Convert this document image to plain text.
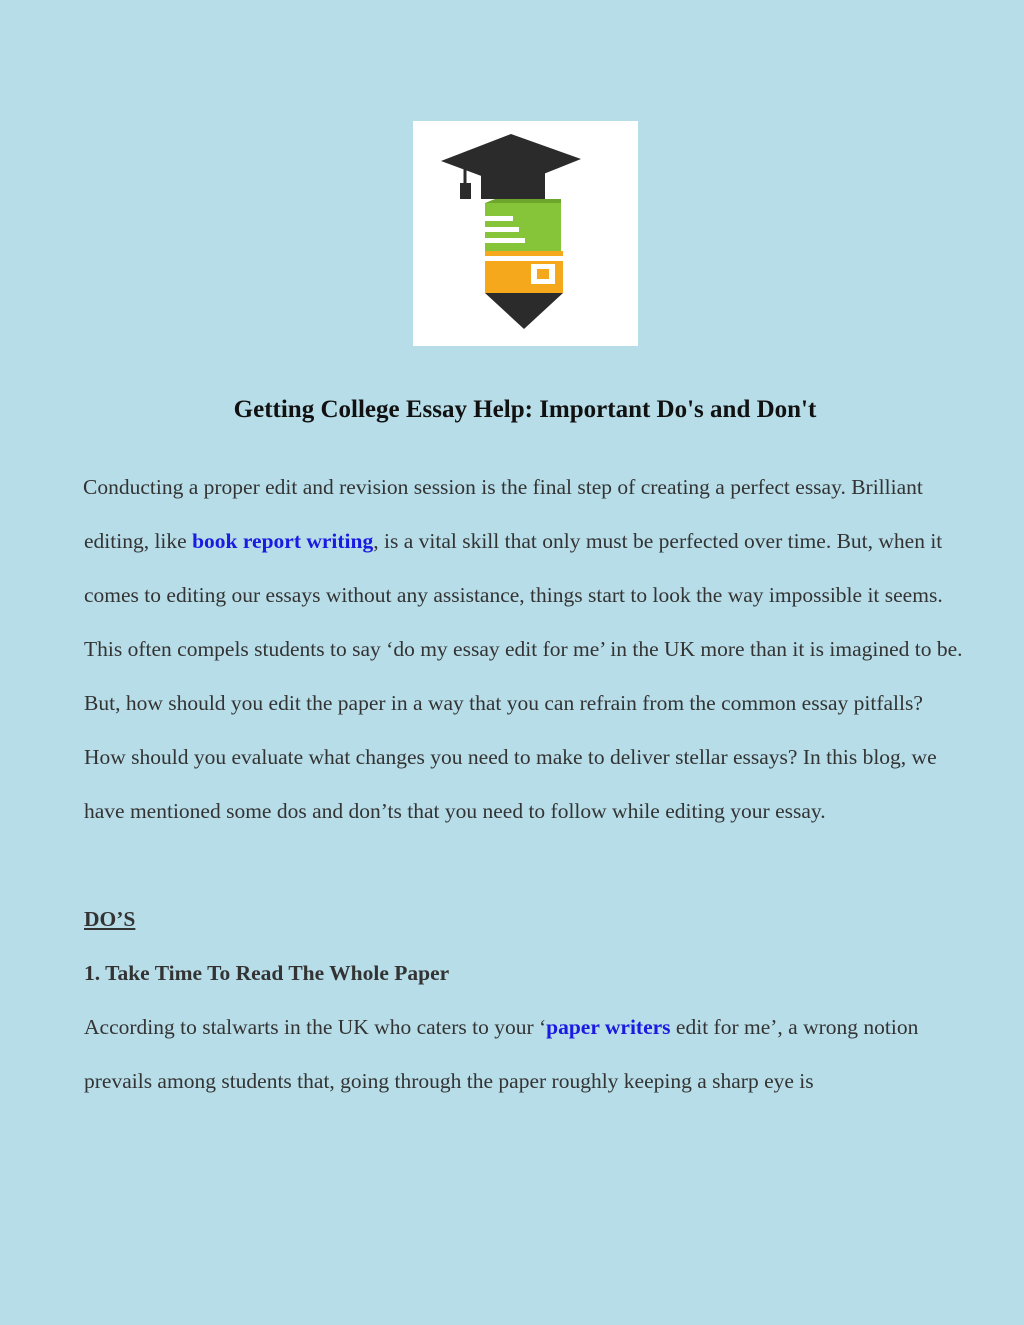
Getting College Essay Help: Important Do's and Don't

Conducting a proper edit and revision session is the final step of creating a perfect essay. Brilliant editing, like book report writing, is a vital skill that only must be perfected over time. But, when it comes to editing our essays without any assistance, things start to look the way impossible it seems. This often compels students to say ‘do my essay edit for me’ in the UK more than it is imagined to be.

But, how should you edit the paper in a way that you can refrain from the common essay pitfalls? How should you evaluate what changes you need to make to deliver stellar essays? In this blog, we have mentioned some dos and don’ts that you need to follow while editing your essay.

DO’S

1. Take Time To Read The Whole Paper

According to stalwarts in the UK who caters to your ‘paper writers edit for me’, a wrong notion prevails among students that, going through the paper roughly keeping a sharp eye is
